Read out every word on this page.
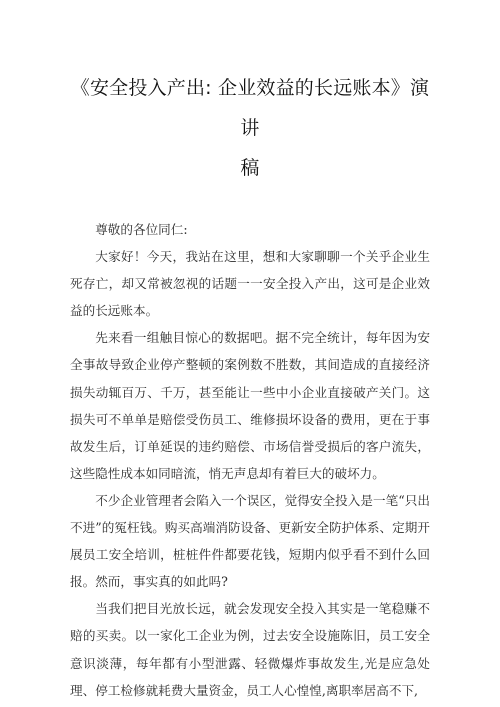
《安全投入产出: 企业效益的长远账本》演讲
稿

尊敬的各位同仁:

大家好！今天，我站在这里，想和大家聊聊一个关乎企业生死存亡，却又常被忽视的话题一一安全投入产出，这可是企业效益的长远账本。

先来看一组触目惊心的数据吧。据不完全统计，每年因为安全事故导致企业停产整顿的案例数不胜数，其间造成的直接经济损失动辄百万、千万，甚至能让一些中小企业直接破产关门。这损失可不单单是赔偿受伤员工、维修损坏设备的费用，更在于事故发生后，订单延误的违约赔偿、市场信誉受损后的客户流失，这些隐性成本如同暗流，悄无声息却有着巨大的破坏力。

不少企业管理者会陷入一个误区，觉得安全投入是一笔“只出不进”的冤枉钱。购买高端消防设备、更新安全防护体系、定期开展员工安全培训，桩桩件件都要花钱，短期内似乎看不到什么回报。然而，事实真的如此吗?

当我们把目光放长远，就会发现安全投入其实是一笔稳赚不赔的买卖。以一家化工企业为例，过去安全设施陈旧，员工安全意识淡薄，每年都有小型泄露、轻微爆炸事故发生,光是应急处理、停工检修就耗费大量资金，员工人心惶惶,离职率居高不下,
